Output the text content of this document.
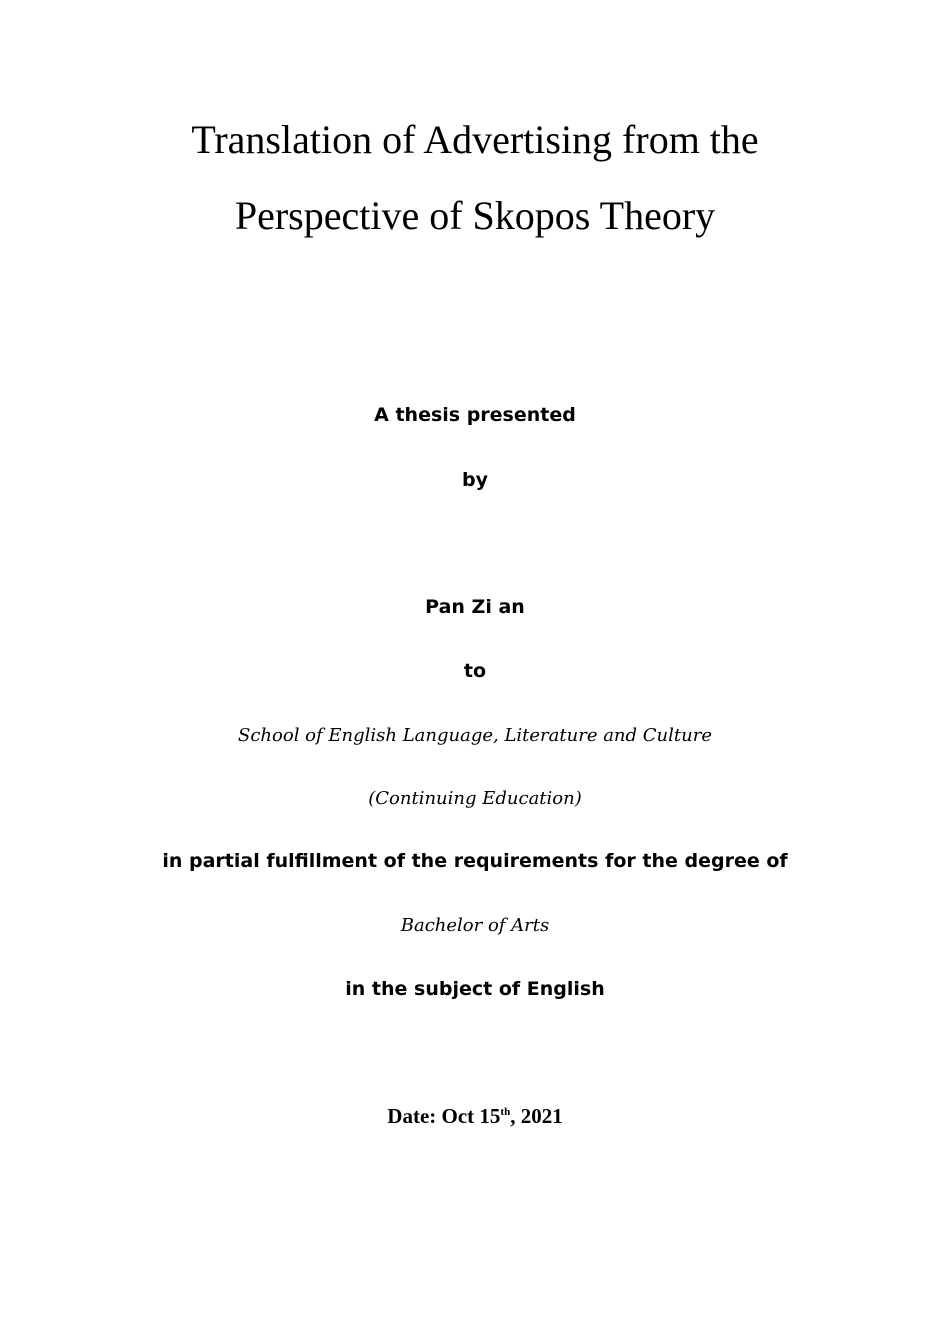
Translation of Advertising from the
Perspective of Skopos Theory
A thesis presented
by
Pan Zi an
to
School of English Language, Literature and Culture
(Continuing Education)
in partial fulfillment of the requirements for the degree of
Bachelor of Arts
in the subject of English
Date: Oct 15th, 2021
